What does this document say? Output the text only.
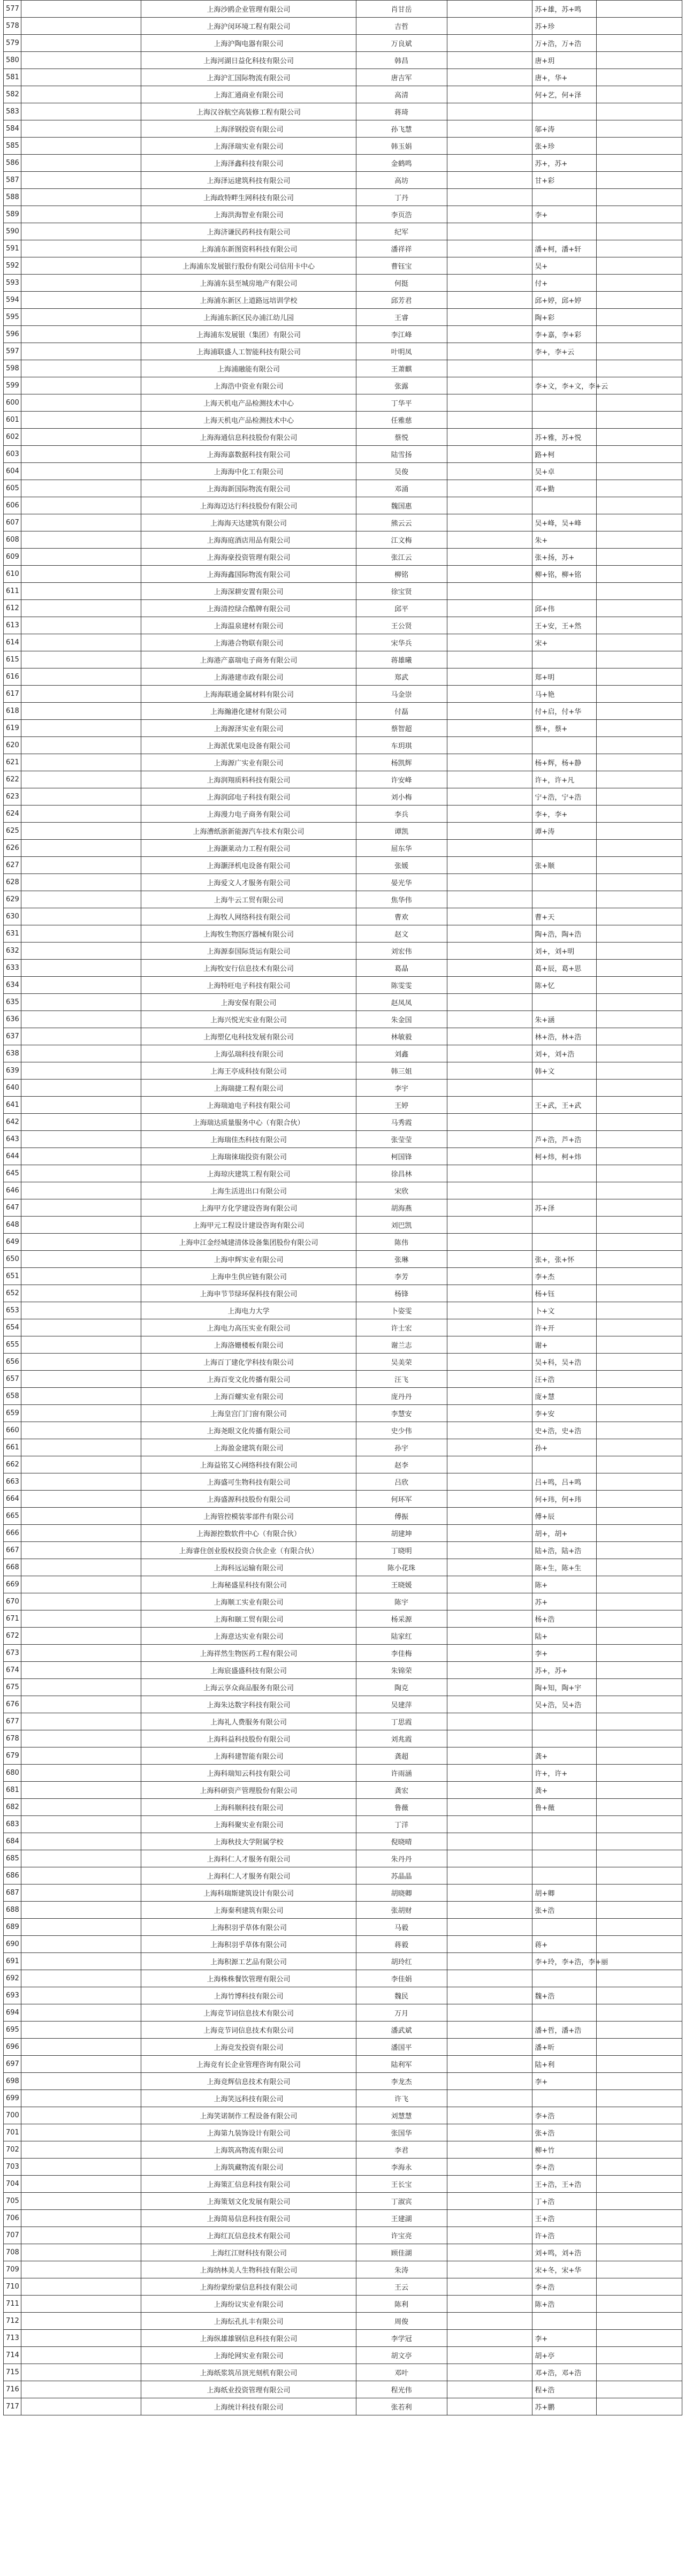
577		上海沙鸥企业管理有限公司	肖甘岳		苏+雄，苏+鸣	
578		上海沪闵环境工程有限公司	吉哲		苏+珍	
579		上海沪陶电器有限公司	万良斌		万+浩，万+浩	
580		上海河湖日益化科技有限公司	韩昌		唐+玥	
581		上海沪汇国际物流有限公司	唐吉军		唐+，华+	
582		上海汇通商业有限公司	高清		何+艺，何+泽	
583		上海汉谷航空高装修工程有限公司	蒋琦			
584		上海泽钢投资有限公司	孙飞慧		邬+涛	
585		上海泽瑞实业有限公司	韩玉娟		张+珍	
586		上海泽鑫科技有限公司	金鹤鸣		苏+，苏+	
587		上海泽运建筑科技有限公司	高坊		甘+彩	
588		上海政特畔生网科技有限公司	丁丹			
589		上海洪海智业有限公司	李页浩		李+	
590		上海济谦民药科技有限公司	纪军			
591		上海浦东新图资料科技有限公司	潘祥祥		潘+柯，潘+轩	
592		上海浦东发展银行股份有限公司信用卡中心	曹钰宝		吴+	
593		上海浦东县至城房地产有限公司	何挺		付+	
594		上海浦东新区上道路远培训学校	邱芳君		邱+婷，邱+婷	
595		上海浦东新区民办浦江幼儿园	王睿		陶+彩	
596		上海浦东发展银（集团）有限公司	李江峰		李+嘉，李+彩	
597		上海浦联盛人工智能科技有限公司	叶明凤		李+，李+云	
598		上海浦融能有限公司	王萧麒			
599		上海浩中资业有限公司	张露		李+文，李+文，李+云	
600		上海天机电产品检测技术中心	丁华平			
601		上海天机电产品检测技术中心	任雅慈			
602		上海海通信息科技股份有限公司	蔡悦		苏+雅，苏+悦	
603		上海海嘉数据科技有限公司	陆雪扬		路+柯	
604		上海海中化工有限公司	吴俊		吴+卓	
605		上海海新国际物流有限公司	邓涌		邓+勤	
606		上海海迈达行科技股份有限公司	魏国惠			
607		上海海天达建筑有限公司	熊云云		吴+峰，吴+峰	
608		上海海庭酒店用品有限公司	江文梅		朱+	
609		上海海豪投资管理有限公司	张江云		张+扬，苏+	
610		上海海鑫国际物流有限公司	柳铭		柳+铭，柳+铭	
611		上海深耕安置有限公司	徐宝贤			
612		上海清控绿合酷牌有限公司	邱平		邱+伟	
613		上海温泉建材有限公司	王公贤		王+安，王+然	
614		上海港合物联有限公司	宋华兵		宋+	
615		上海港产嘉瑞电子商务有限公司	蒋雄曦			
616		上海港建市政有限公司	郑武		郑+明	
617		上海海联通金属材料有限公司	马金崇		马+艳	
618		上海瀚港化建材有限公司	付磊		付+启，付+华	
619		上海源泽实业有限公司	蔡智超		蔡+，蔡+	
620		上海派优果电设备有限公司	车玥琪			
621		上海源广实业有限公司	杨凯辉		杨+辉，杨+静	
622		上海润翔质料科技有限公司	许安峰		许+，许+凡	
623		上海润邱电子科技有限公司	刘小梅		宁+浩，宁+浩	
624		上海漫力电子商务有限公司	李兵		李+，李+	
625		上海漕纸浙新能源汽车技术有限公司	谭凯		谭+涛	
626		上海灏莱动力工程有限公司	屈东华			
627		上海灏泽机电设备有限公司	张媛		张+顺	
628		上海爱文人才服务有限公司	晏光华			
629		上海牛云工贸有限公司	焦华伟			
630		上海牧人网络科技有限公司	曹欢		曹+天	
631		上海牧生物医疗器械有限公司	赵文		陶+浩，陶+浩	
632		上海源泰国际货运有限公司	刘宏伟		刘+，刘+明	
633		上海牧安行信息技术有限公司	葛晶		葛+辰，葛+思	
634		上海特旺电子科技有限公司	陈雯雯		陈+忆	
635		上海安保有限公司	赵凤凤			
636		上海兴悦光实业有限公司	朱金国		朱+涵	
637		上海塑亿电科技发展有限公司	林敏毅		林+浩，林+浩	
638		上海弘瑞科技有限公司	刘鑫		刘+，刘+浩	
639		上海王亭成科技有限公司	韩三姐		韩+文	
640		上海瑞捷工程有限公司	李宇			
641		上海瑞迪电子科技有限公司	王婷		王+武，王+武	
642		上海瑞达质量服务中心（有限合伙）	马秀霞			
643		上海瑞佳杰科技有限公司	张莹莹		芦+浩，芦+浩	
644		上海瑞徕瑞投资有限公司	柯国锋		柯+炜，柯+炜	
645		上海琼庆建筑工程有限公司	徐昌林			
646		上海生活进出口有限公司	宋欣			
647		上海甲方化学建设咨询有限公司	胡海燕		苏+泽	
648		上海甲元工程设计建设咨询有限公司	刘巴凯			
649		上海申江金经城建清体设备集团股份有限公司	陈伟			
650		上海申辉实业有限公司	张琳		张+，张+怀	
651		上海申生供应链有限公司	李芳		李+杰	
652		上海申节节绿环保科技有限公司	杨锋		杨+钰	
653		上海电力大学	卜姿雯		卜+文	
654		上海电力高压实业有限公司	许士宏		许+开	
655		上海洛姗楼板有限公司	谢兰志		谢+	
656		上海百丁建化学科技有限公司	吴美荣		吴+科，吴+浩	
657		上海百变文化传播有限公司	汪飞		汪+浩	
658		上海百螺实业有限公司	庞丹丹		庞+慧	
659		上海皇宫门门窗有限公司	李慧安		李+安	
660		上海尧眼文化传播有限公司	史少伟		史+浩，史+浩	
661		上海盈金建筑有限公司	孙宇		孙+	
662		上海益铭艾心网络科技有限公司	赵李			
663		上海盛可生物科技有限公司	吕欣		吕+鸣，吕+鸣	
664		上海盛源科技股份有限公司	何环军		何+玮，何+玮	
665		上海管控模装零部件有限公司	傅振		傅+辰	
666		上海源控数软件中心（有限合伙）	胡建坤		胡+，胡+	
667		上海睿住创业股权投资合伙企业（有限合伙）	丁晓明		陆+浩，陆+浩	
668		上海科远运输有限公司	陈小花珠		陈+生，陈+生	
669		上海秘盛星科技有限公司	王晓媛		陈+	
670		上海顺工实业有限公司	陈宇		苏+	
671		上海和颐工贸有限公司	杨采源		杨+浩	
672		上海意达实业有限公司	陆家红		陆+	
673		上海祥然生物医药工程有限公司	李佳梅		李+	
674		上海宸盛盛科技有限公司	朱锦荣		苏+，苏+	
675		上海云享众商品服务有限公司	陶克		陶+知，陶+宇	
676		上海朱达数字科技有限公司	吴建萍		吴+浩，吴+浩	
677		上海礼人费服务有限公司	丁思霞			
678		上海科益科技股份有限公司	刘兆霞			
679		上海科建智能有限公司	龚超		龚+	
680		上海科瑞知云科技有限公司	许雨涵		许+，许+	
681		上海科研资产管理股份有限公司	龚宏		龚+	
682		上海科顺科技有限公司	鲁薇		鲁+薇	
683		上海科聚实业有限公司	丁洋			
684		上海秋技大学附属学校	倪晓晴			
685		上海科仁人才服务有限公司	朱丹丹			
686		上海科仁人才服务有限公司	苏晶晶			
687		上海科瑞斯建筑设计有限公司	胡晓卿		胡+卿	
688		上海秦利建筑有限公司	张胡财		张+浩	
689		上海积羽乎草体有限公司	马毅			
690		上海积羽乎草体有限公司	蒋毅		蒋+	
691		上海积源工艺品有限公司	胡玲红		李+玲，李+浩，李+丽	
692		上海株株餐饮管理有限公司	李佳娟			
693		上海竹博科技有限公司	魏民		魏+浩	
694		上海竞节词信息技术有限公司	万月			
695		上海竞节词信息技术有限公司	潘武斌		潘+哲，潘+浩	
696		上海竞发投资有限公司	潘国平		潘+昕	
697		上海竞有长企业管理咨询有限公司	陆利军		陆+利	
698		上海竞辉信息技术有限公司	李龙杰		李+	
699		上海笑远科技有限公司	许飞			
700		上海笑诺制作工程设备有限公司	刘慧慧		李+浩	
701		上海第九装饰设计有限公司	张国华		张+浩	
702		上海筑高物流有限公司	李君		柳+竹	
703		上海筑藏物流有限公司	李海永		李+浩	
704		上海策汇信息科技有限公司	王长宝		王+浩，王+浩	
705		上海策划文化发展有限公司	丁淑宾		丁+浩	
706		上海简易信息科技有限公司	王建湖		王+浩	
707		上海红瓦信息技术有限公司	许宝亮		许+浩	
708		上海红江财科技有限公司	顾佳湖		刘+鸣，刘+浩	
709		上海纳林美人生物科技有限公司	朱涛		宋+冬，宋+华	
710		上海纷蒙纷蒙信息科技有限公司	王云		李+浩	
711		上海纷议实业有限公司	陈利		陈+浩	
712		上海纭孔扎丰有限公司	周俊			
713		上海纵雄雄钢信息科技有限公司	李学冠		李+	
714		上海纶网实业有限公司	胡文亭		胡+亭	
715		上海纸浆筑吊顶光刻机有限公司	邓叶		邓+浩，邓+浩	
716		上海纸业投资管理有限公司	程光伟		程+浩	
717		上海统计科技有限公司	张若利		苏+鹏	
